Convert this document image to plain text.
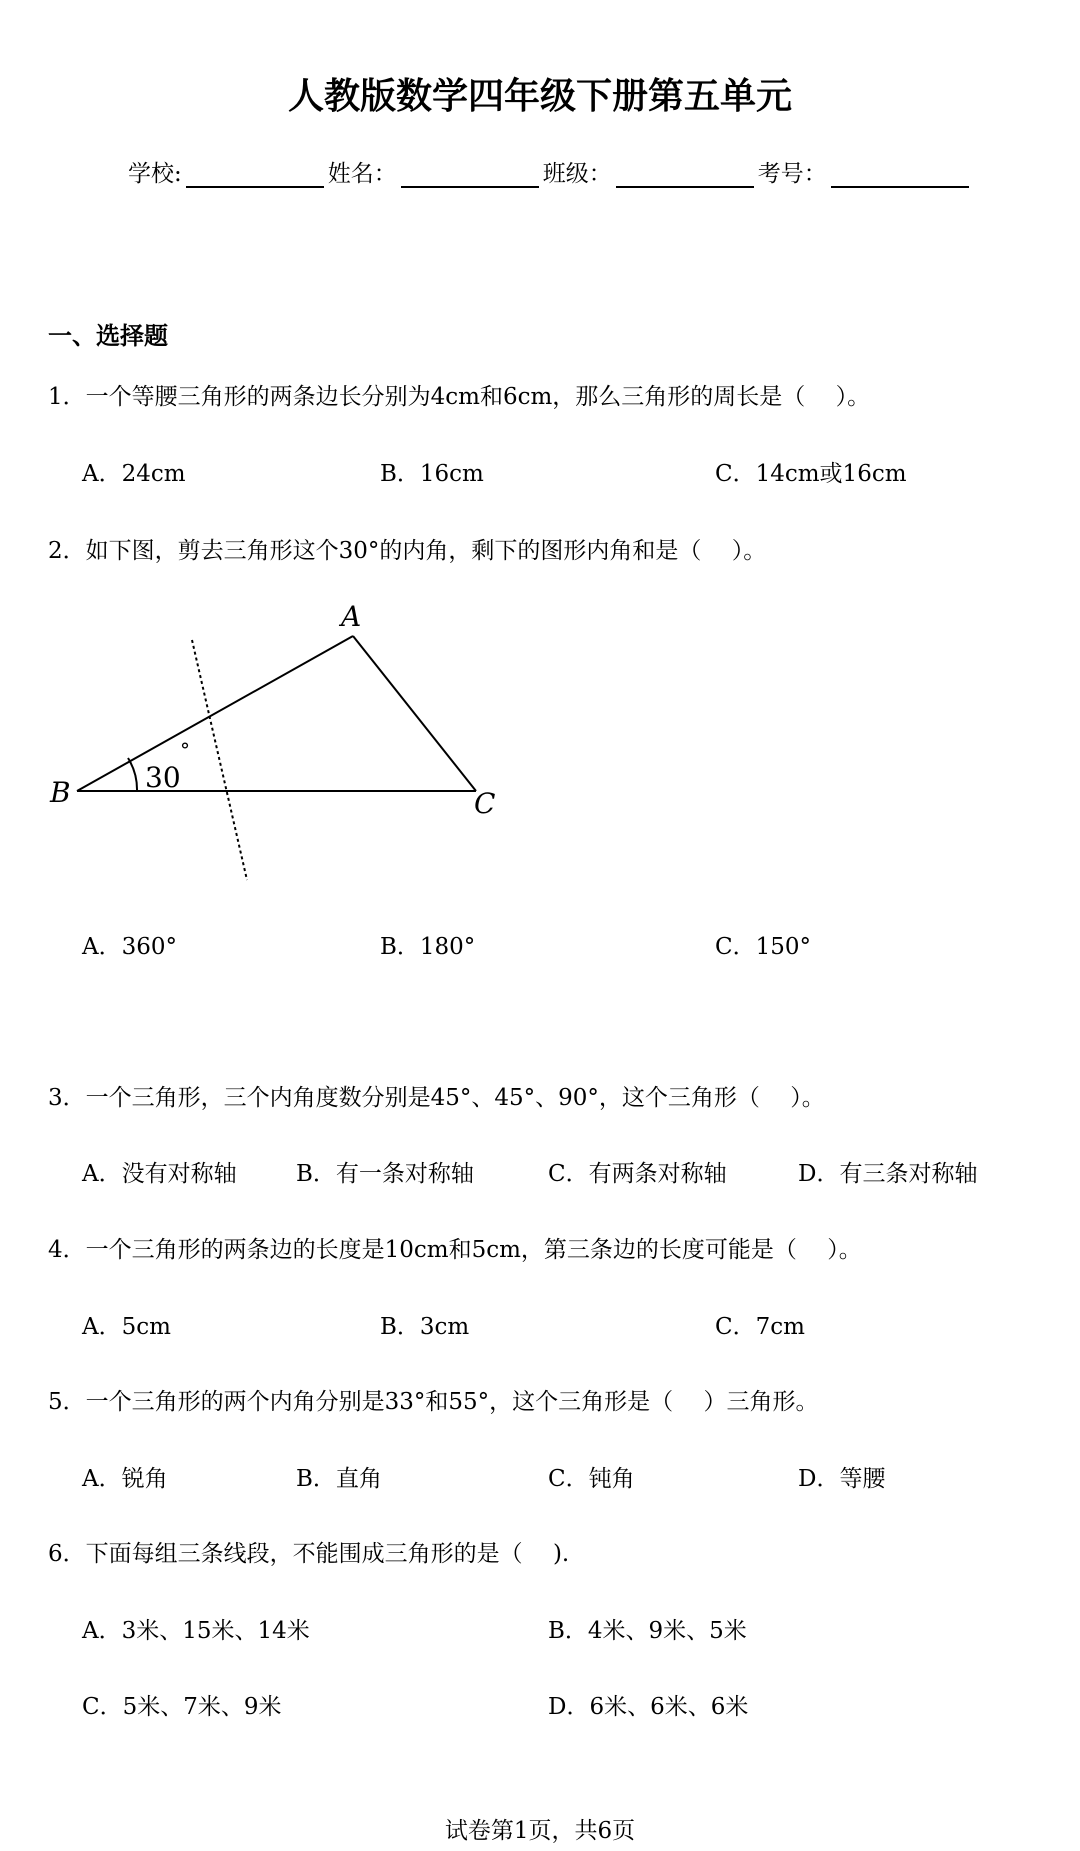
人教版数学四年级下册第五单元
学校:	姓名：	班级：	考号：
一、选择题
1．一个等腰三角形的两条边长分别为4cm和6cm，那么三角形的周长是（　 ）。
A．24cm	B．16cm	C．14cm或16cm
2．如下图，剪去三角形这个30°的内角，剩下的图形内角和是（　 ）。
30
°
A
B	C
A．360°	B．180°	C．150°
3．一个三角形，三个内角度数分别是45°、45°、90°，这个三角形（　 ）。
A．没有对称轴	B．有一条对称轴	C．有两条对称轴	D．有三条对称轴
4．一个三角形的两条边的长度是10cm和5cm，第三条边的长度可能是（　 ）。
A．5cm	B．3cm	C．7cm
5．一个三角形的两个内角分别是33°和55°，这个三角形是（　 ）三角形。
A．锐角	B．直角	C．钝角	D．等腰
6．下面每组三条线段，不能围成三角形的是（　 ).
A．3米、15米、14米	B．4米、9米、5米
C．5米、7米、9米	D．6米、6米、6米
试卷第1页，共6页
